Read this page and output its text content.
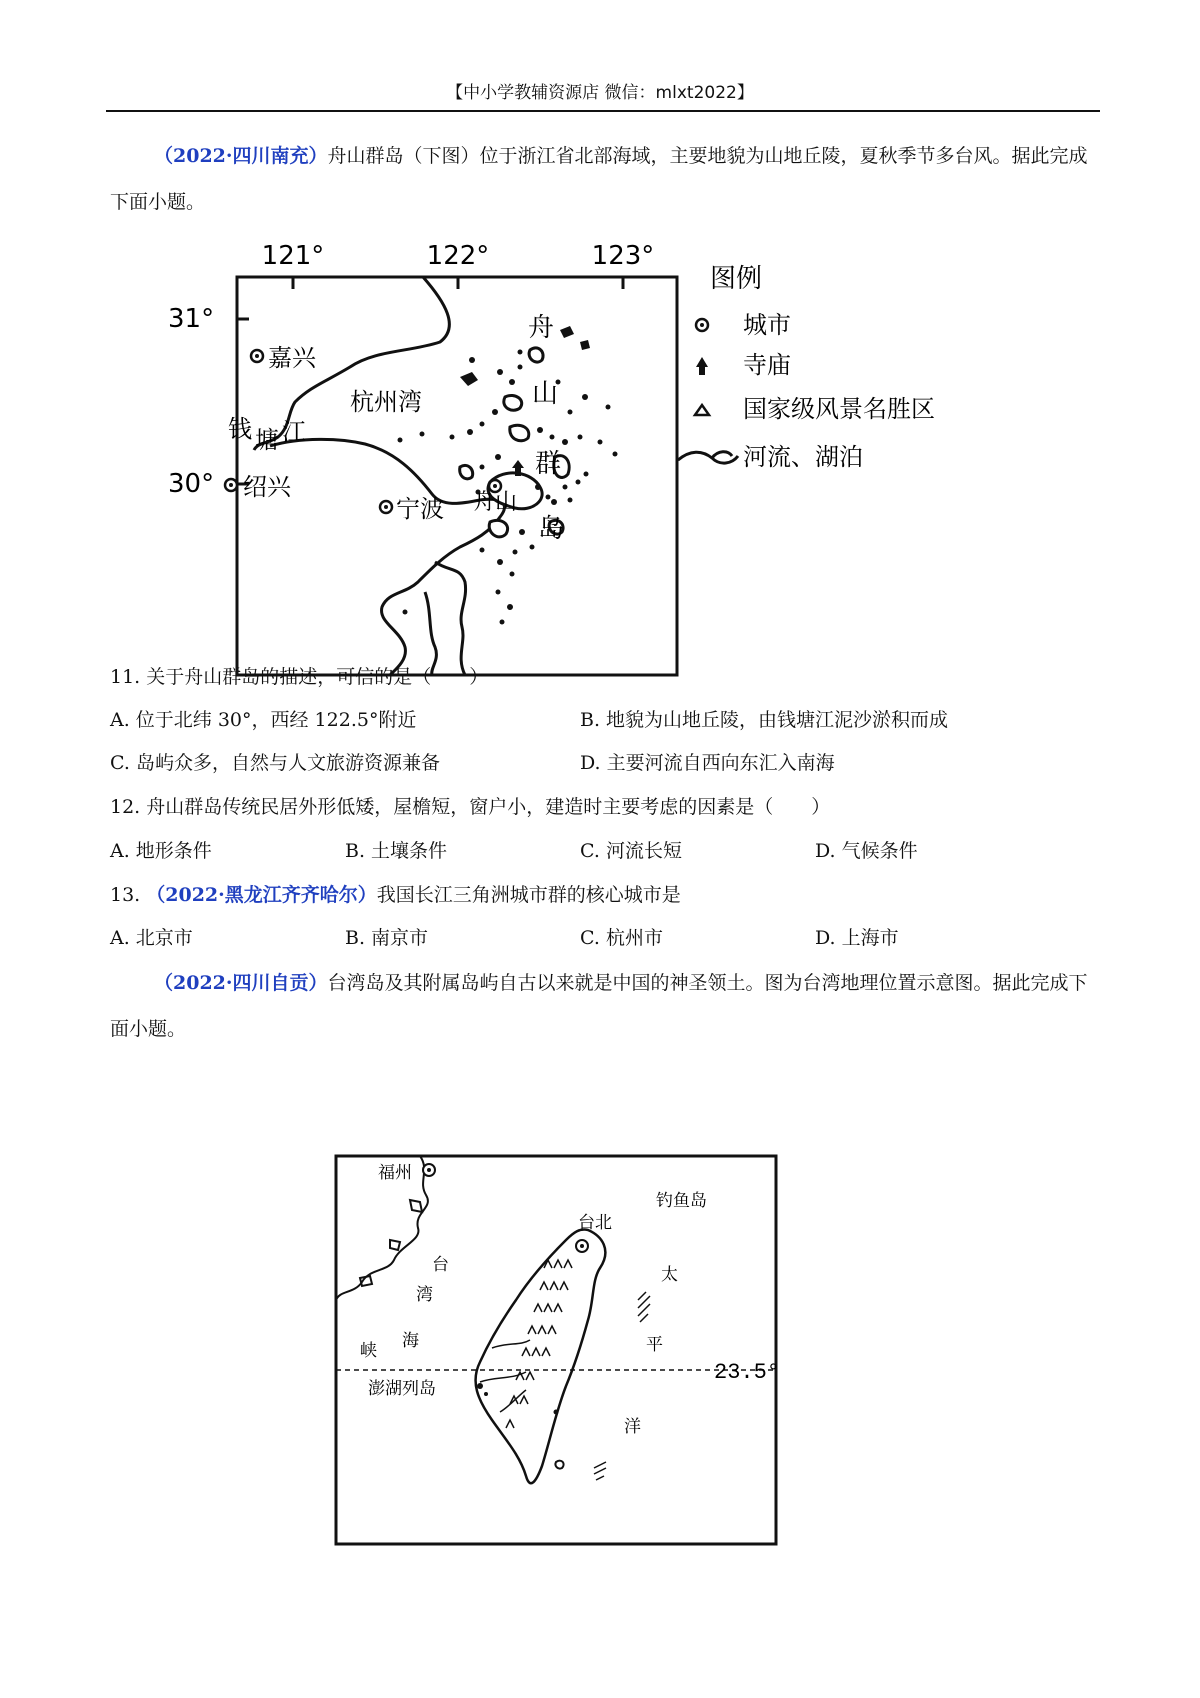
【中小学教辅资源店 微信：mlxt2022】
（2022·四川南充）舟山群岛（下图）位于浙江省北部海域，主要地貌为山地丘陵，夏秋季节多台风。据此完成下面小题。
121°	122°	123°
31°
30°
嘉兴
杭州湾
钱 塘 江
绍兴
宁波 舟山
舟
山
群
岛
图例
城市
寺庙
国家级风景名胜区
河流、湖泊
11. 关于舟山群岛的描述，可信的是（　　）
A. 位于北纬 30°，西经 122.5°附近	B. 地貌为山地丘陵，由钱塘江泥沙淤积而成
C. 岛屿众多，自然与人文旅游资源兼备	D. 主要河流自西向东汇入南海
12. 舟山群岛传统民居外形低矮，屋檐短，窗户小，建造时主要考虑的因素是（　　）
A. 地形条件	B. 土壤条件	C. 河流长短	D. 气候条件
13. （2022·黑龙江齐齐哈尔）我国长江三角洲城市群的核心城市是
A. 北京市	B. 南京市	C. 杭州市	D. 上海市
（2022·四川自贡）台湾岛及其附属岛屿自古以来就是中国的神圣领土。图为台湾地理位置示意图。据此完成下面小题。
福州
台北
23.5°
台
湾
海
峡
澎湖列岛
钓鱼岛
太
平
洋
